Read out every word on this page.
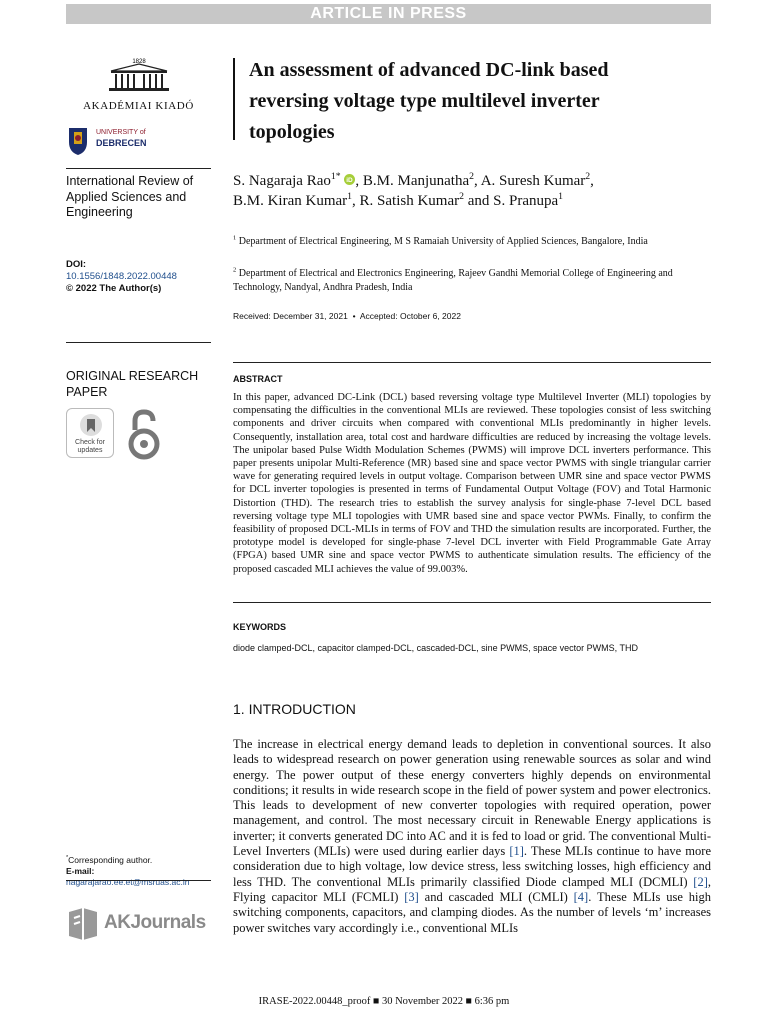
ARTICLE IN PRESS
1828
AKADÉMIAI KIADÓ
UNIVERSITY of
DEBRECEN
International Review of Applied Sciences and Engineering
DOI:
10.1556/1848.2022.00448
© 2022 The Author(s)
ORIGINAL RESEARCH PAPER
Check for updates
*Corresponding author.
E-mail: nagarajarao.ee.et@msruas.ac.in
AKJournals
An assessment of advanced DC-link based reversing voltage type multilevel inverter topologies
S. Nagaraja Rao$^{1*}$ iD , B.M. Manjunatha$^2$, A. Suresh Kumar$^2$,
B.M. Kiran Kumar$^1$, R. Satish Kumar$^2$ and S. Pranupa$^1$
$^1$ Department of Electrical Engineering, M S Ramaiah University of Applied Sciences, Bangalore, India
$^2$ Department of Electrical and Electronics Engineering, Rajeev Gandhi Memorial College of Engineering and Technology, Nandyal, Andhra Pradesh, India
Received: December 31, 2021 • Accepted: October 6, 2022
ABSTRACT

In this paper, advanced DC-Link (DCL) based reversing voltage type Multilevel Inverter (MLI) topologies by compensating the difficulties in the conventional MLIs are reviewed. These topologies consist of less switching components and driver circuits when compared with conventional MLIs predominantly in higher levels. Consequently, installation area, total cost and hardware difficulties are reduced by increasing the voltage levels. The unipolar based Pulse Width Modulation Schemes (PWMS) will improve DCL inverters performance. This paper presents unipolar Multi-Reference (MR) based sine and space vector PWMS with single triangular carrier wave for generating required levels in output voltage. Comparison between UMR sine and space vector PWMS for DCL inverter topologies is presented in terms of Fundamental Output Voltage (FOV) and Total Harmonic Distortion (THD). The research tries to establish the survey analysis for single-phase 7-level DCL based reversing voltage type MLI topologies with UMR based sine and space vector PWMs. Finally, to confirm the feasibility of proposed DCL-MLIs in terms of FOV and THD the simulation results are incorporated. Further, the prototype model is developed for single-phase 7-level DCL inverter with Field Programmable Gate Array (FPGA) based UMR sine and space vector PWMS to authenticate simulation results. The efficiency of the proposed cascaded MLI achieves the value of 99.003%.

KEYWORDS
diode clamped-DCL, capacitor clamped-DCL, cascaded-DCL, sine PWMS, space vector PWMS, THD
1. INTRODUCTION

The increase in electrical energy demand leads to depletion in conventional sources. It also leads to widespread research on power generation using renewable sources as solar and wind energy. The power output of these energy converters highly depends on environmental conditions; it results in wide research scope in the field of power system and power electronics. This leads to development of new converter topologies with required operation, power management, and control. The most necessary circuit in Renewable Energy applications is inverter; it converts generated DC into AC and it is fed to load or grid. The conventional Multi-Level Inverters (MLIs) were used during earlier days [1]. These MLIs continue to have more consideration due to high voltage, low device stress, less switching losses, high efficiency and less THD. The conventional MLIs primarily classified Diode clamped MLI (DCMLI) [2], Flying capacitor MLI (FCMLI) [3] and cascaded MLI (CMLI) [4]. These MLIs use high switching components, capacitors, and clamping diodes. As the number of levels ‘m’ increases power switches vary accordingly i.e., conventional MLIs

IRASE-2022.00448_proof ■ 30 November 2022 ■ 6:36 pm
